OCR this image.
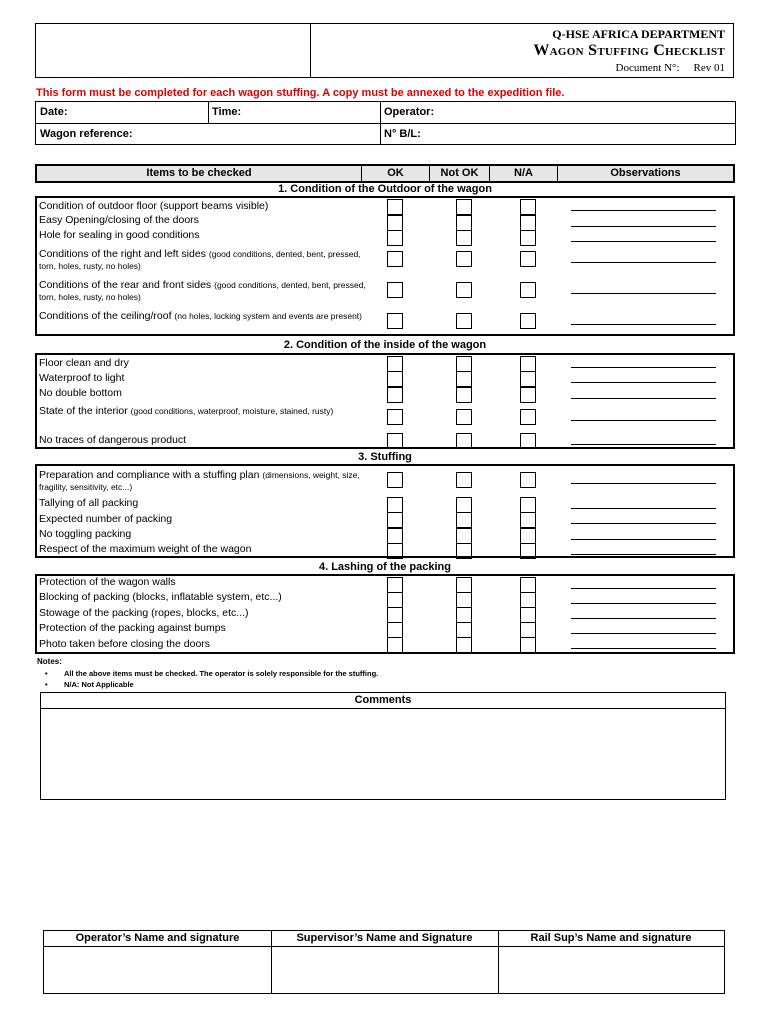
Q-HSE AFRICA DEPARTMENT
Wagon Stuffing Checklist
Document N°: Rev 01
This form must be completed for each wagon stuffing. A copy must be annexed to the expedition file.
Date:	Time:	Operator:
Wagon reference:	N° B/L:
Items to be checked	OK	Not OK	N/A	Observations
1. Condition of the Outdoor of the wagon
Condition of outdoor floor (support beams visible)
Easy Opening/closing of the doors
Hole for sealing in good conditions
Conditions of the right and left sides (good conditions, dented, bent, pressed, torn, holes, rusty, no holes)
Conditions of the rear and front sides (good conditions, dented, bent, pressed, torn, holes, rusty, no holes)
Conditions of the ceiling/roof (no holes, locking system and events are present)
2. Condition of the inside of the wagon
Floor clean and dry
Waterproof to light
No double bottom
State of the interior (good conditions, waterproof, moisture, stained, rusty)
No traces of dangerous product
3. Stuffing
Preparation and compliance with a stuffing plan (dimensions, weight, size, fragility, sensitivity, etc...)
Tallying of all packing
Expected number of packing
No toggling packing
Respect of the maximum weight of the wagon
4. Lashing of the packing
Protection of the wagon walls
Blocking of packing (blocks, inflatable system, etc...)
Stowage of the packing (ropes, blocks, etc...)
Protection of the packing against bumps
Photo taken before closing the doors
Notes:
• All the above items must be checked. The operator is solely responsible for the stuffing.
• N/A: Not Applicable
Comments
Operator’s Name and signature	Supervisor’s Name and Signature	Rail Sup’s Name and signature
